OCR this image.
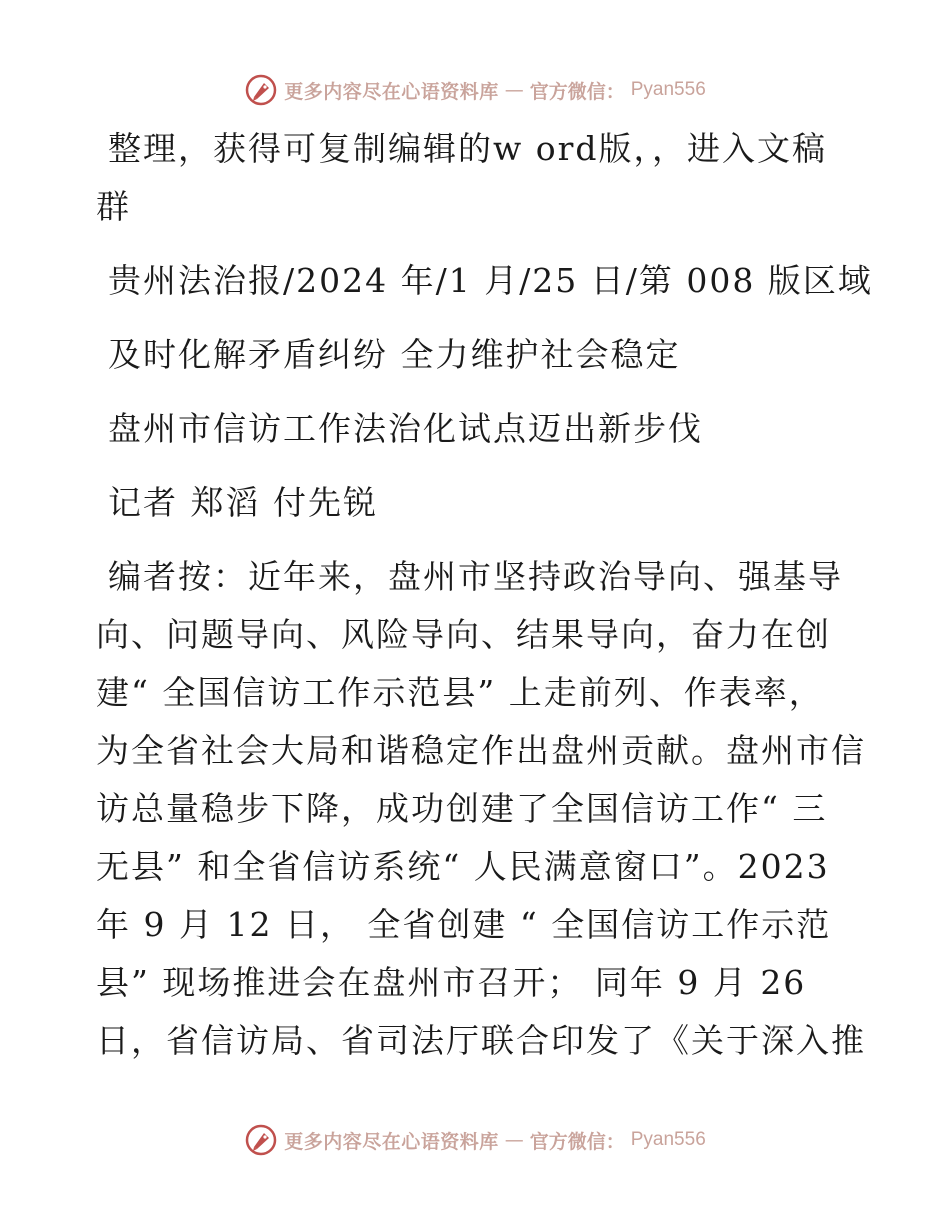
更多内容尽在心语资料库 — 官方微信： Pyan556
整理，获得可复制编辑的w ord版，，进入文稿
群
贵州法治报/2024 年/1 月/25 日/第 008 版区域
及时化解矛盾纠纷 全力维护社会稳定
盘州市信访工作法治化试点迈出新步伐
记者 郑滔 付先锐
编者按：近年来，盘州市坚持政治导向、强基导
向、问题导向、风险导向、结果导向，奋力在创
建“ 全国信访工作示范县” 上走前列、作表率，
为全省社会大局和谐稳定作出盘州贡献。盘州市信
访总量稳步下降，成功创建了全国信访工作“ 三
无县” 和全省信访系统“ 人民满意窗口”。2023
年 9 月 12 日， 全省创建 “ 全国信访工作示范
县” 现场推进会在盘州市召开； 同年 9 月 26
日，省信访局、省司法厅联合印发了《关于深入推
更多内容尽在心语资料库 — 官方微信： Pyan556
